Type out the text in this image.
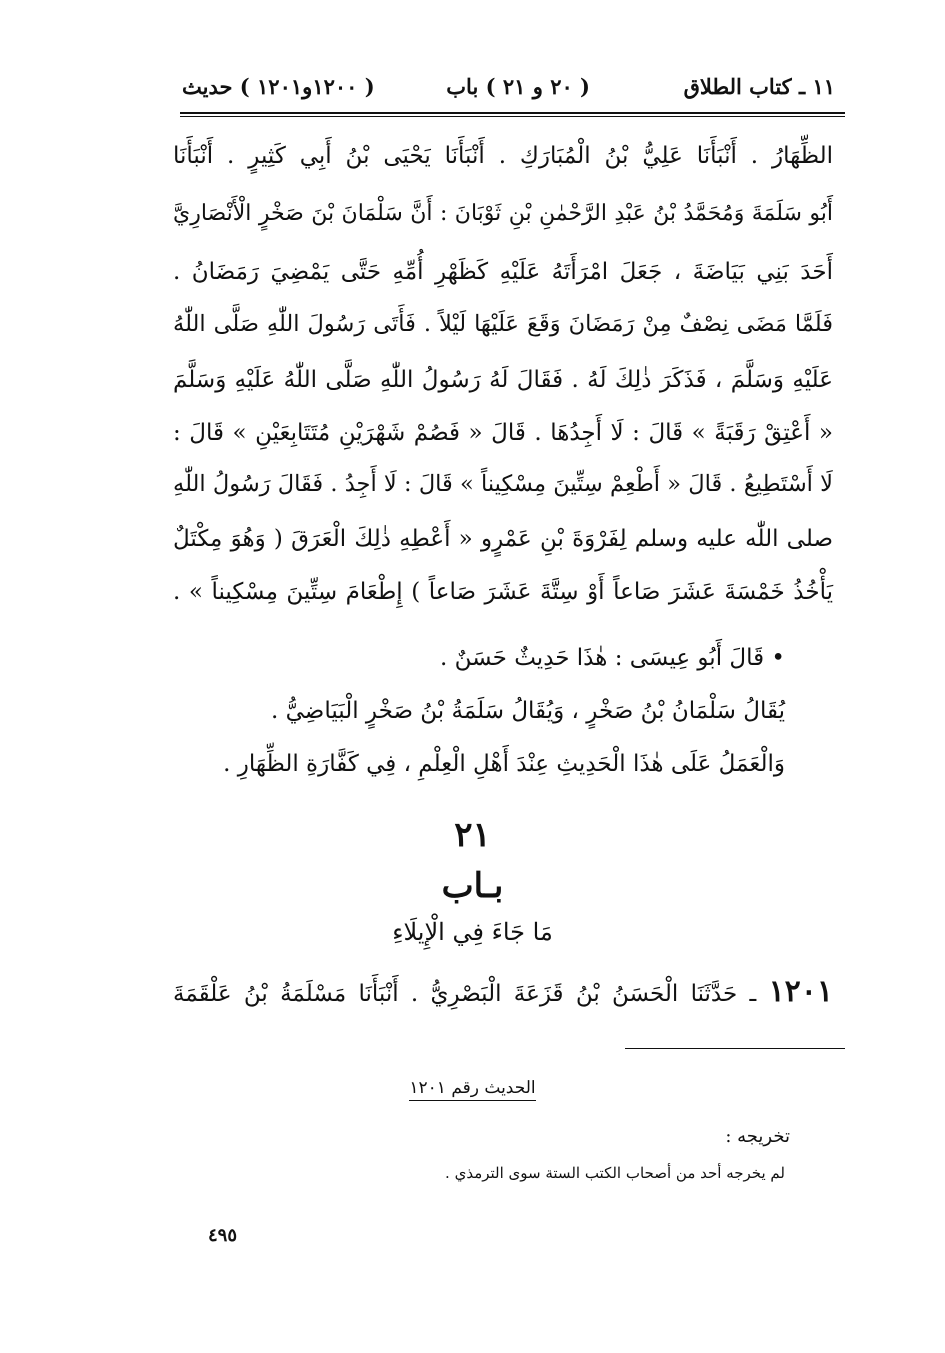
١١ ـ كتاب الطلاق
( ٢٠ و ٢١ ) باب
( ١٢٠٠و١٢٠١ ) حديث
الظِّهَارُ . أَنْبَأَنَا عَلِيُّ بْنُ الْمُبَارَكِ . أَنْبَأَنَا يَحْيَى بْنُ أَبِي كَثِيرٍ . أَنْبَأَنَا
أَبُو سَلَمَةَ وَمُحَمَّدُ بْنُ عَبْدِ الرَّحْمٰنِ بْنِ ثَوْبَانَ : أَنَّ سَلْمَانَ بْنَ صَخْرٍ الْأَنْصَارِيَّ
أَحَدَ بَنِي بَيَاضَةَ ، جَعَلَ امْرَأَتَهُ عَلَيْهِ كَظَهْرِ أُمِّهِ حَتَّى يَمْضِيَ رَمَضَانُ .
فَلَمَّا مَضَى نِصْفٌ مِنْ رَمَضَانَ وَقَعَ عَلَيْهَا لَيْلاً . فَأَتَى رَسُولَ اللّٰهِ صَلَّى اللّٰهُ
عَلَيْهِ وَسَلَّمَ ، فَذَكَرَ ذٰلِكَ لَهُ . فَقَالَ لَهُ رَسُولُ اللّٰهِ صَلَّى اللّٰهُ عَلَيْهِ وَسَلَّمَ
« أَعْتِقْ رَقَبَةً » قَالَ : لَا أَجِدُهَا . قَالَ « فَصُمْ شَهْرَيْنِ مُتَتَابِعَيْنِ » قَالَ :
لَا أَسْتَطِيعُ . قَالَ « أَطْعِمْ سِتِّينَ مِسْكِيناً » قَالَ : لَا أَجِدُ . فَقَالَ رَسُولُ اللّٰهِ
صلى اللّٰه عليه وسلم لِفَرْوَةَ بْنِ عَمْرٍو « أَعْطِهِ ذٰلِكَ الْعَرَقَ ( وَهُوَ مِكْتَلٌ
يَأْخُذُ خَمْسَةَ عَشَرَ صَاعاً أَوْ سِتَّةَ عَشَرَ صَاعاً ) إِطْعَامَ سِتِّينَ مِسْكِيناً » .
• قَالَ أَبُو عِيسَى : هٰذَا حَدِيثٌ حَسَنٌ .
يُقَالُ سَلْمَانُ بْنُ صَخْرٍ ، وَيُقَالُ سَلَمَةُ بْنُ صَخْرٍ الْبَيَاضِيُّ .
وَالْعَمَلُ عَلَى هٰذَا الْحَدِيثِ عِنْدَ أَهْلِ الْعِلْمِ ، فِي كَفَّارَةِ الظِّهَارِ .
٢١
بـاب
مَا جَاءَ فِي الْإِيلَاءِ
١٢٠١ ـ حَدَّثَنَا الْحَسَنُ بْنُ قَزَعَةَ الْبَصْرِيُّ . أَنْبَأَنَا مَسْلَمَةُ بْنُ عَلْقَمَةَ
الحديث رقم ١٢٠١
تخريجه :
لم يخرجه أحد من أصحاب الكتب الستة سوى الترمذي .
٤٩٥
